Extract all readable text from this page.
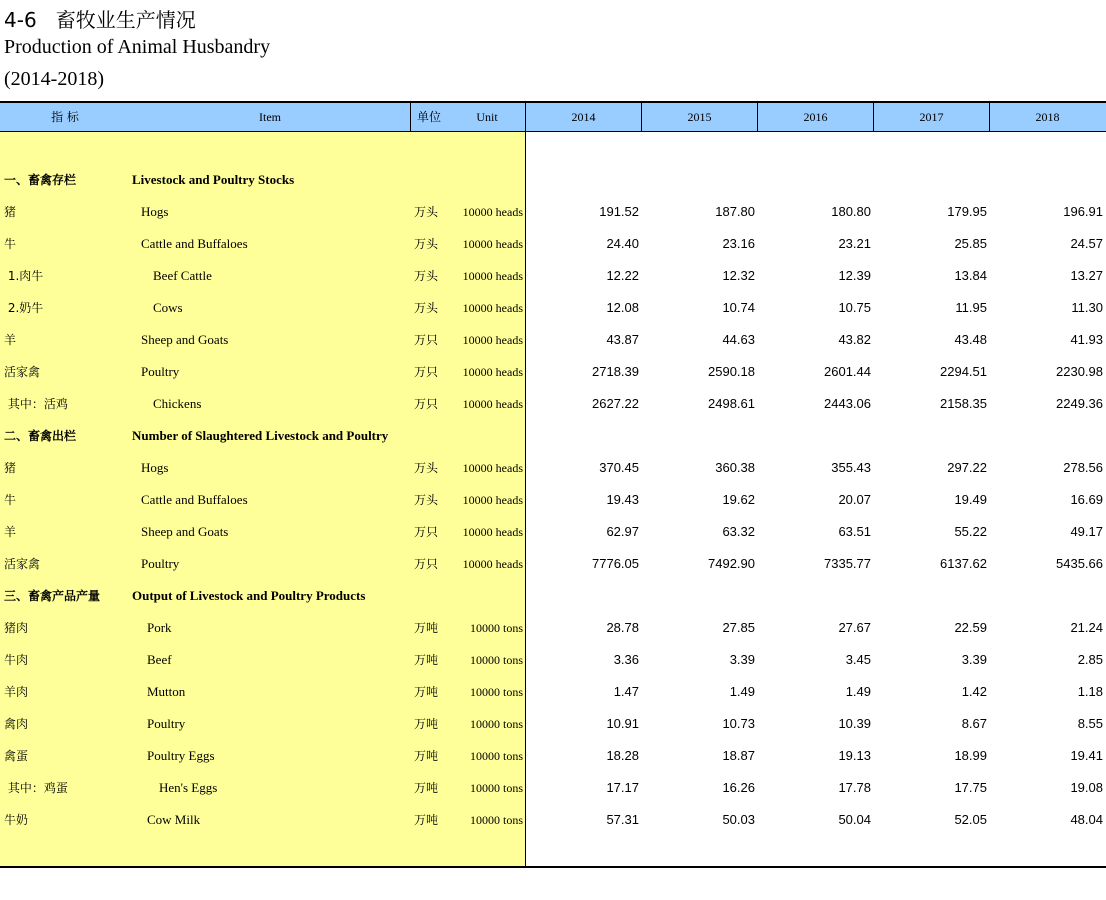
4-6   畜牧业生产情况
Production of Animal Husbandry
(2014-2018)
指 标	Item	单位	Unit	2014	2015	2016	2017	2018
一、畜禽存栏	Livestock and Poultry Stocks
猪	Hogs	万头	10000 heads	191.52	187.80	180.80	179.95	196.91
牛	Cattle and Buffaloes	万头	10000 heads	24.40	23.16	23.21	25.85	24.57
1.肉牛	Beef Cattle	万头	10000 heads	12.22	12.32	12.39	13.84	13.27
2.奶牛	Cows	万头	10000 heads	12.08	10.74	10.75	11.95	11.30
羊	Sheep and Goats	万只	10000 heads	43.87	44.63	43.82	43.48	41.93
活家禽	Poultry	万只	10000 heads	2718.39	2590.18	2601.44	2294.51	2230.98
其中：活鸡	Chickens	万只	10000 heads	2627.22	2498.61	2443.06	2158.35	2249.36
二、畜禽出栏	Number of Slaughtered Livestock and Poultry
猪	Hogs	万头	10000 heads	370.45	360.38	355.43	297.22	278.56
牛	Cattle and Buffaloes	万头	10000 heads	19.43	19.62	20.07	19.49	16.69
羊	Sheep and Goats	万只	10000 heads	62.97	63.32	63.51	55.22	49.17
活家禽	Poultry	万只	10000 heads	7776.05	7492.90	7335.77	6137.62	5435.66
三、畜禽产品产量 Output of Livestock and Poultry Products
猪肉	Pork	万吨	10000 tons	28.78	27.85	27.67	22.59	21.24
牛肉	Beef	万吨	10000 tons	3.36	3.39	3.45	3.39	2.85
羊肉	Mutton	万吨	10000 tons	1.47	1.49	1.49	1.42	1.18
禽肉	Poultry	万吨	10000 tons	10.91	10.73	10.39	8.67	8.55
禽蛋	Poultry Eggs	万吨	10000 tons	18.28	18.87	19.13	18.99	19.41
其中：鸡蛋	Hen's Eggs	万吨	10000 tons	17.17	16.26	17.78	17.75	19.08
牛奶	Cow Milk	万吨	10000 tons	57.31	50.03	50.04	52.05	48.04
